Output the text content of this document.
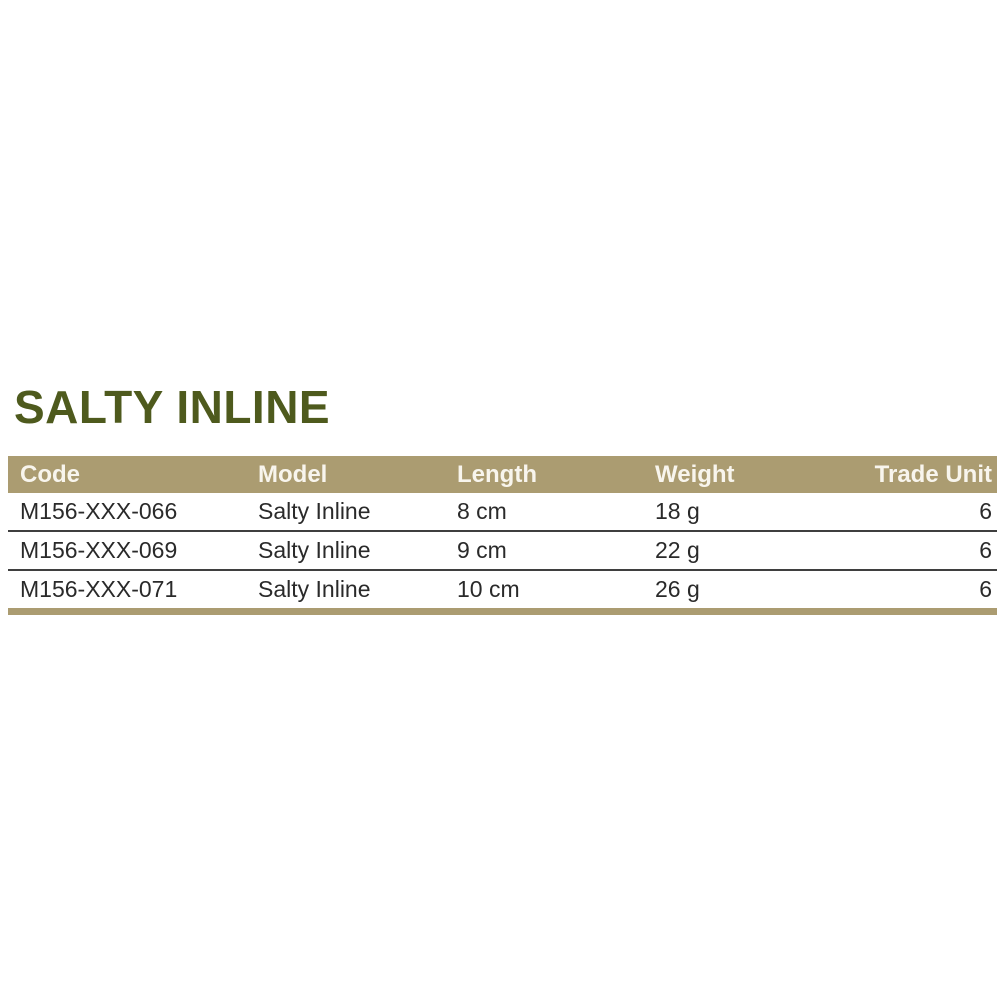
SALTY INLINE
Code	Model	Length	Weight	Trade Unit
M156-XXX-066	Salty Inline	8 cm	18 g	6
M156-XXX-069	Salty Inline	9 cm	22 g	6
M156-XXX-071	Salty Inline	10 cm	26 g	6
